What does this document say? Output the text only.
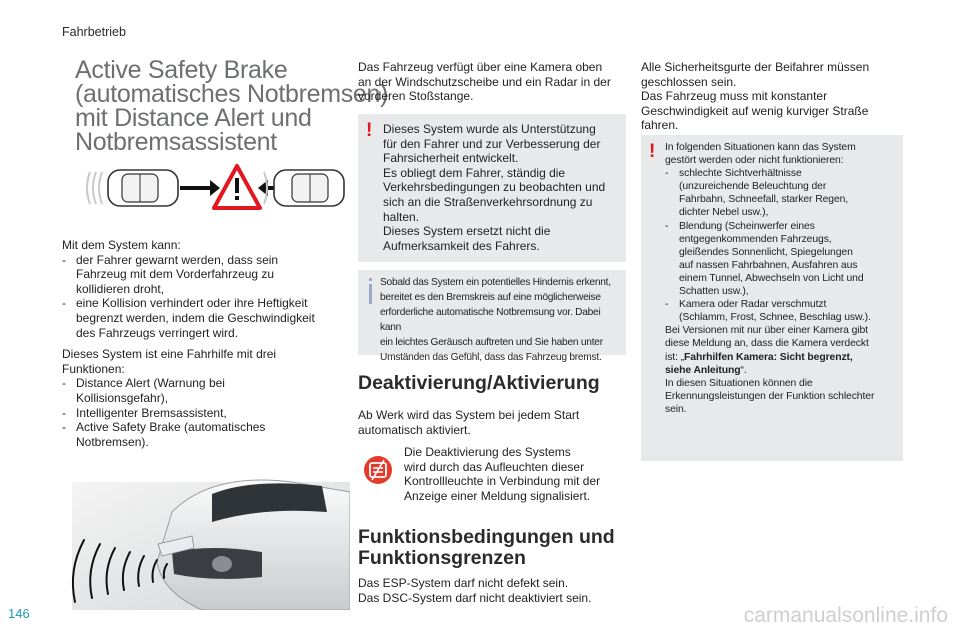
Fahrbetrieb
Active Safety Brake
(automatisches Notbremsen)
mit Distance Alert und
Notbremsassistent
Mit dem System kann:
- der Fahrer gewarnt werden, dass sein
Fahrzeug mit dem Vorderfahrzeug zu
kollidieren droht,
- eine Kollision verhindert oder ihre Heftigkeit
begrenzt werden, indem die Geschwindigkeit
des Fahrzeugs verringert wird.
Dieses System ist eine Fahrhilfe mit drei
Funktionen:
- Distance Alert (Warnung bei
Kollisionsgefahr),
- Intelligenter Bremsassistent,
- Active Safety Brake (automatisches
Notbremsen).
Das Fahrzeug verfügt über eine Kamera oben
an der Windschutzscheibe und ein Radar in der
vorderen Stoßstange.
! Dieses System wurde als Unterstützung
für den Fahrer und zur Verbesserung der
Fahrsicherheit entwickelt.
Es obliegt dem Fahrer, ständig die
Verkehrsbedingungen zu beobachten und
sich an die Straßenverkehrsordnung zu
halten.
Dieses System ersetzt nicht die
Aufmerksamkeit des Fahrers.
Sobald das System ein potentielles Hindernis erkennt,
bereitet es den Bremskreis auf eine möglicherweise
erforderliche automatische Notbremsung vor. Dabei kann
ein leichtes Geräusch auftreten und Sie haben unter
Umständen das Gefühl, dass das Fahrzeug bremst.
Deaktivierung/Aktivierung
Ab Werk wird das System bei jedem Start
automatisch aktiviert.
Die Deaktivierung des Systems
wird durch das Aufleuchten dieser
Kontrollleuchte in Verbindung mit der
Anzeige einer Meldung signalisiert.
Funktionsbedingungen und
Funktionsgrenzen
Das ESP-System darf nicht defekt sein.
Das DSC-System darf nicht deaktiviert sein.
Alle Sicherheitsgurte der Beifahrer müssen
geschlossen sein.
Das Fahrzeug muss mit konstanter
Geschwindigkeit auf wenig kurviger Straße
fahren.
! In folgenden Situationen kann das System
gestört werden oder nicht funktionieren:
- schlechte Sichtverhältnisse
(unzureichende Beleuchtung der
Fahrbahn, Schneefall, starker Regen,
dichter Nebel usw.),
- Blendung (Scheinwerfer eines
entgegenkommenden Fahrzeugs,
gleißendes Sonnenlicht, Spiegelungen
auf nassen Fahrbahnen, Ausfahren aus
einem Tunnel, Abwechseln von Licht und
Schatten usw.),
- Kamera oder Radar verschmutzt
(Schlamm, Frost, Schnee, Beschlag usw.).
Bei Versionen mit nur über einer Kamera gibt
diese Meldung an, dass die Kamera verdeckt
ist: „Fahrhilfen Kamera: Sicht begrenzt,
siehe Anleitung“.
In diesen Situationen können die
Erkennungsleistungen der Funktion schlechter
sein.
146	carmanualsonline.info
